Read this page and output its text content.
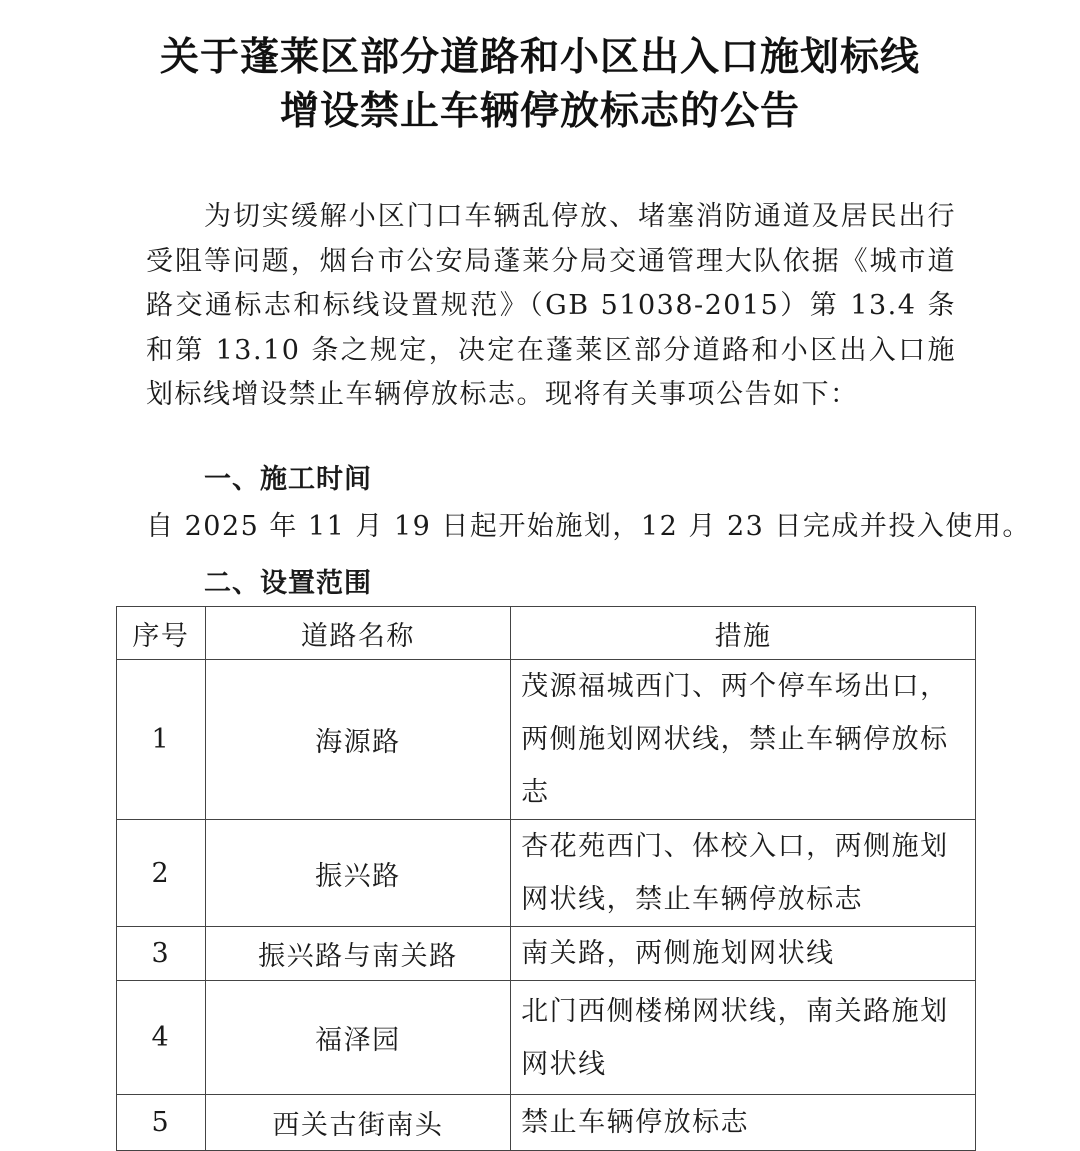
关于蓬莱区部分道路和小区出入口施划标线
增设禁止车辆停放标志的公告
为切实缓解小区门口车辆乱停放、堵塞消防通道及居民出行受阻等问题，烟台市公安局蓬莱分局交通管理大队依据《城市道路交通标志和标线设置规范》（GB 51038-2015）第 13.4 条和第 13.10 条之规定，决定在蓬莱区部分道路和小区出入口施划标线增设禁止车辆停放标志。现将有关事项公告如下：
一、施工时间
自 2025 年 11 月 19 日起开始施划，12 月 23 日完成并投入使用。
二、设置范围
序号	道路名称	措施
1	海源路	茂源福城西门、两个停车场出口，两侧施划网状线，禁止车辆停放标志

2	振兴路	杏花苑西门、体校入口，两侧施划网状线，禁止车辆停放标志

3	振兴路与南关路	南关路，两侧施划网状线

4	福泽园	北门西侧楼梯网状线，南关路施划网状线

5	西关古街南头	禁止车辆停放标志
